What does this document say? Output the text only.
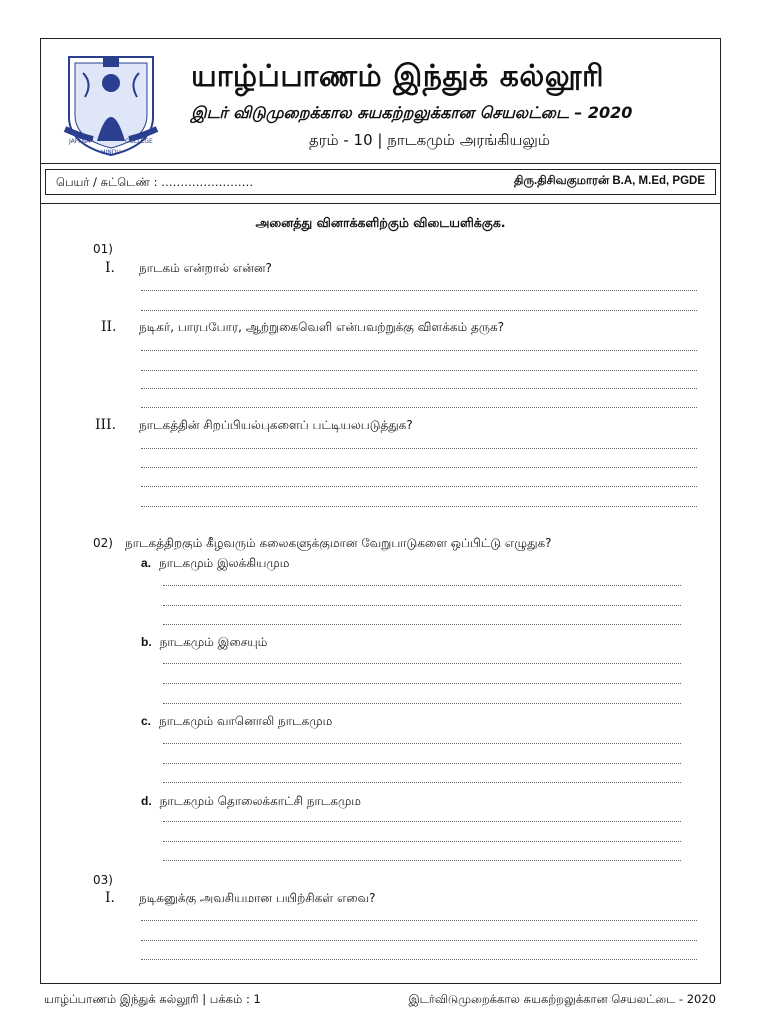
JAFFNA	COLLEGE
HINDU
யாழ்ப்பாணம் இந்துக் கல்லூரி
இடர் விடுமுறைக்கால சுயகற்றலுக்கான செயலட்டை – 2020
தரம் - 10 | நாடகமும் அரங்கியலும்
பெயர் / சுட்டெண் : ……………………	திரு.திசிவகுமாரன் B.A, M.Ed, PGDE
அனைத்து வினாக்களிற்கும் விடையளிக்குக.
01)
I. நாடகம் என்றால் என்ன?
II. நடிகர், பாரபபோர, ஆற்றுகைவெளி என்பவற்றுக்கு விளக்கம் தருக?
III. நாடகத்தின் சிறப்பியல்புகளைப் பட்டியலபடுத்துக?
02) நாடகத்திறகும் கீழவரும் கலைகளுக்குமான வேறுபாடுகளை ஒப்பிட்டு எழுதுக?
a. நாடகமும் இலக்கியமும
b. நாடகமும் இசையும்
c. நாடகமும் வானொலி நாடகமும
d. நாடகமும் தொலைக்காட்சி நாடகமும
03)
I. நடிகனுக்கு அவசியமான பயிற்சிகள் எவை?
யாழ்ப்பாணம் இந்துக் கல்லூரி | பக்கம் : 1	இடர்விடுமுறைக்கால சுயகற்றலுக்கான செயலட்டை - 2020
